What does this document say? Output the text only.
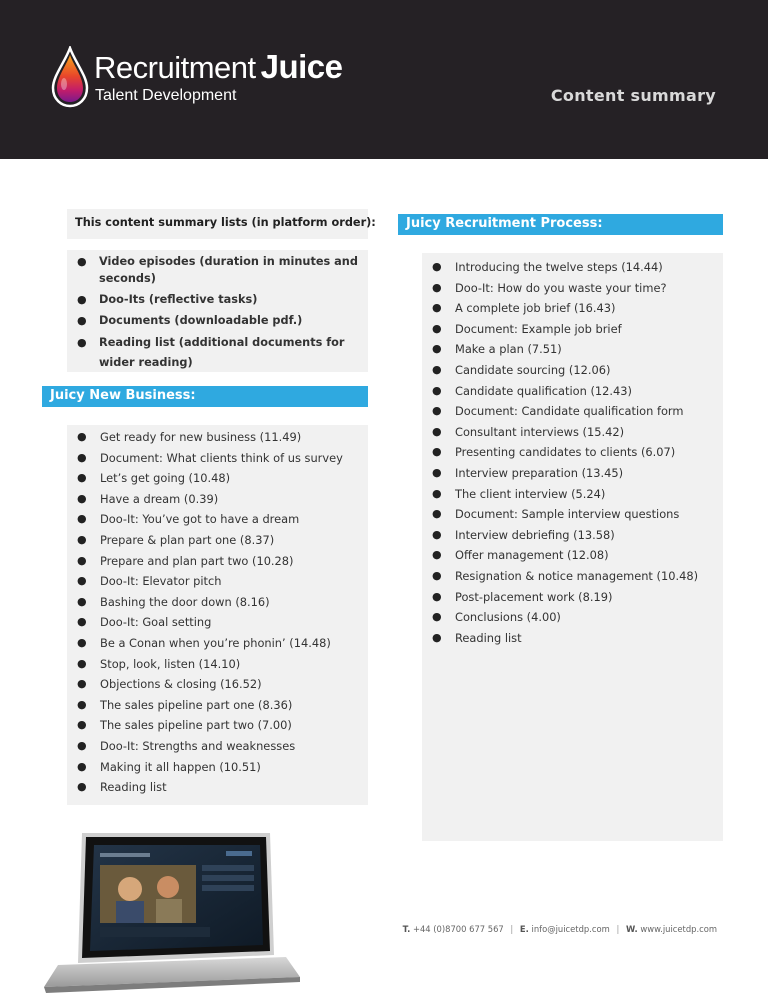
Recruitment Juice
Talent Development	Content summary
This content summary lists (in platform order):
● Video episodes (duration in minutes and seconds)
● Doo-Its (reflective tasks)
● Documents (downloadable pdf.)
● Reading list (additional documents for wider reading)
Juicy New Business:
● Get ready for new business (11.49)
● Document: What clients think of us survey
● Let’s get going (10.48)
● Have a dream (0.39)
● Doo-It: You’ve got to have a dream
● Prepare & plan part one (8.37)
● Prepare and plan part two (10.28)
● Doo-It: Elevator pitch
● Bashing the door down (8.16)
● Doo-It: Goal setting
● Be a Conan when you’re phonin’ (14.48)
● Stop, look, listen (14.10)
● Objections & closing (16.52)
● The sales pipeline part one (8.36)
● The sales pipeline part two (7.00)
● Doo-It: Strengths and weaknesses
● Making it all happen (10.51)
● Reading list
Juicy Recruitment Process:
● Introducing the twelve steps (14.44)
● Doo-It: How do you waste your time?
● A complete job brief (16.43)
● Document: Example job brief
● Make a plan (7.51)
● Candidate sourcing (12.06)
● Candidate qualification (12.43)
● Document: Candidate qualification form
● Consultant interviews (15.42)
● Presenting candidates to clients (6.07)
● Interview preparation (13.45)
● The client interview (5.24)
● Document: Sample interview questions
● Interview debriefing (13.58)
● Offer management (12.08)
● Resignation & notice management (10.48)
● Post-placement work (8.19)
● Conclusions (4.00)
● Reading list
T. +44 (0)8700 677 567 | E. info@juicetdp.com | W. www.juicetdp.com
